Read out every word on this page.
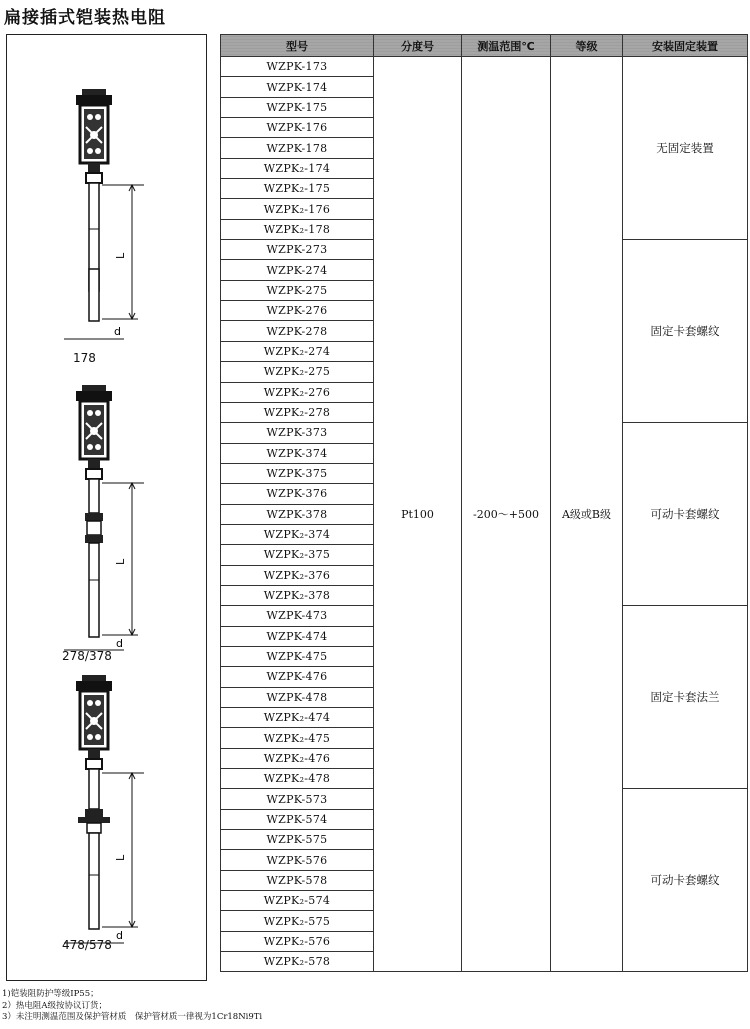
扁接插式铠装热电阻
L
d
L
d
L
d
178
278/378
478/578
型号	分度号	测温范围℃	等级	安装固定装置
WZPK-173	Pt100	-200～+500	A级或B级	无固定装置
WZPK-174				
WZPK-175				
WZPK-176				
WZPK-178				
WZPK₂-174				
WZPK₂-175				
WZPK₂-176				
WZPK₂-178				
WZPK-273				固定卡套螺纹
WZPK-274				
WZPK-275				
WZPK-276				
WZPK-278				
WZPK₂-274				
WZPK₂-275				
WZPK₂-276				
WZPK₂-278				
WZPK-373				可动卡套螺纹
WZPK-374				
WZPK-375				
WZPK-376				
WZPK-378				
WZPK₂-374				
WZPK₂-375				
WZPK₂-376				
WZPK₂-378				
WZPK-473				固定卡套法兰
WZPK-474				
WZPK-475				
WZPK-476				
WZPK-478				
WZPK₂-474				
WZPK₂-475				
WZPK₂-476				
WZPK₂-478				
WZPK-573				可动卡套螺纹
WZPK-574				
WZPK-575				
WZPK-576				
WZPK-578				
WZPK₂-574				
WZPK₂-575				
WZPK₂-576				
WZPK₂-578				
1)铠装阻防护等级IP55；
2）热电阻A级按协议订货；
3）未注明测温范围及保护管材质　保护管材质一律视为1Cr18Ni9Ti
